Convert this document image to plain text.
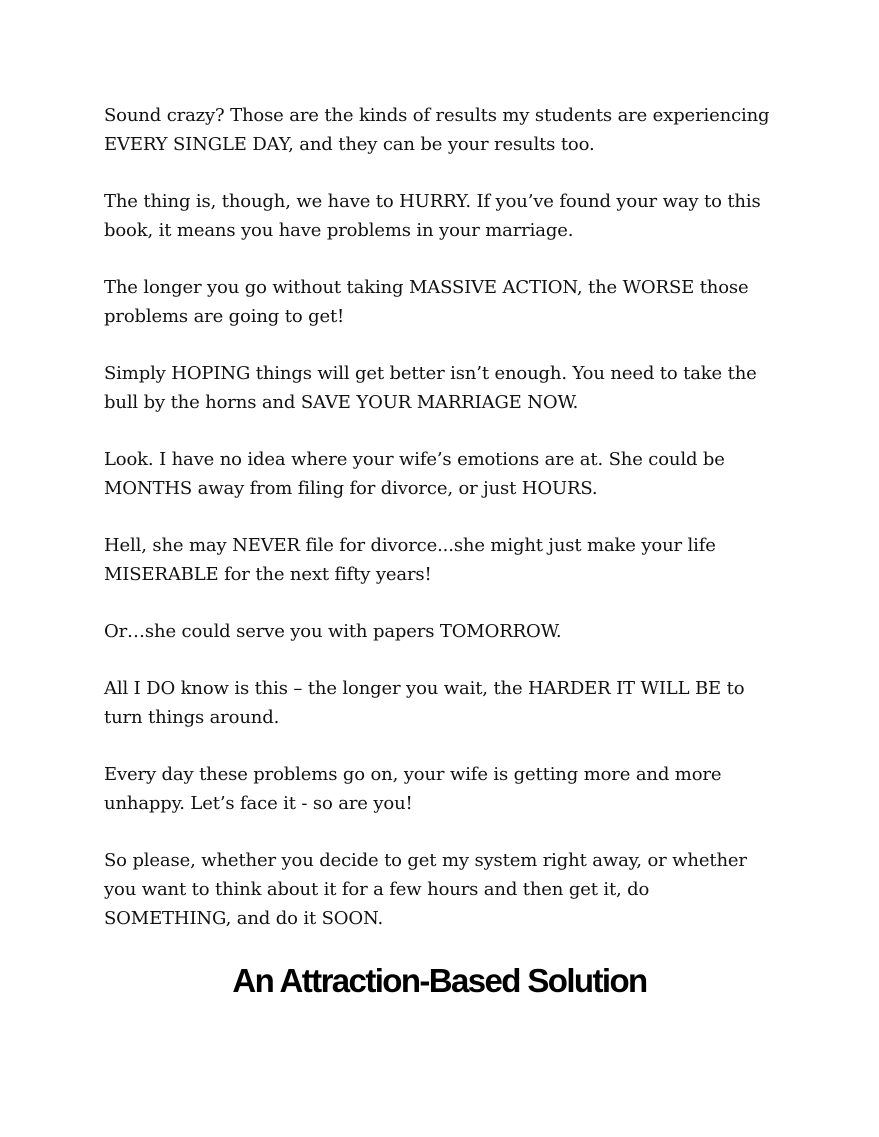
Sound crazy? Those are the kinds of results my students are experiencing
EVERY SINGLE DAY, and they can be your results too.

The thing is, though, we have to HURRY. If you’ve found your way to this
book, it means you have problems in your marriage.

The longer you go without taking MASSIVE ACTION, the WORSE those
problems are going to get!

Simply HOPING things will get better isn’t enough. You need to take the
bull by the horns and SAVE YOUR MARRIAGE NOW.

Look. I have no idea where your wife’s emotions are at. She could be
MONTHS away from filing for divorce, or just HOURS.

Hell, she may NEVER file for divorce...she might just make your life
MISERABLE for the next fifty years!

Or…she could serve you with papers TOMORROW.

All I DO know is this – the longer you wait, the HARDER IT WILL BE to
turn things around.

Every day these problems go on, your wife is getting more and more
unhappy. Let’s face it - so are you!

So please, whether you decide to get my system right away, or whether
you want to think about it for a few hours and then get it, do
SOMETHING, and do it SOON.

An Attraction-Based Solution
